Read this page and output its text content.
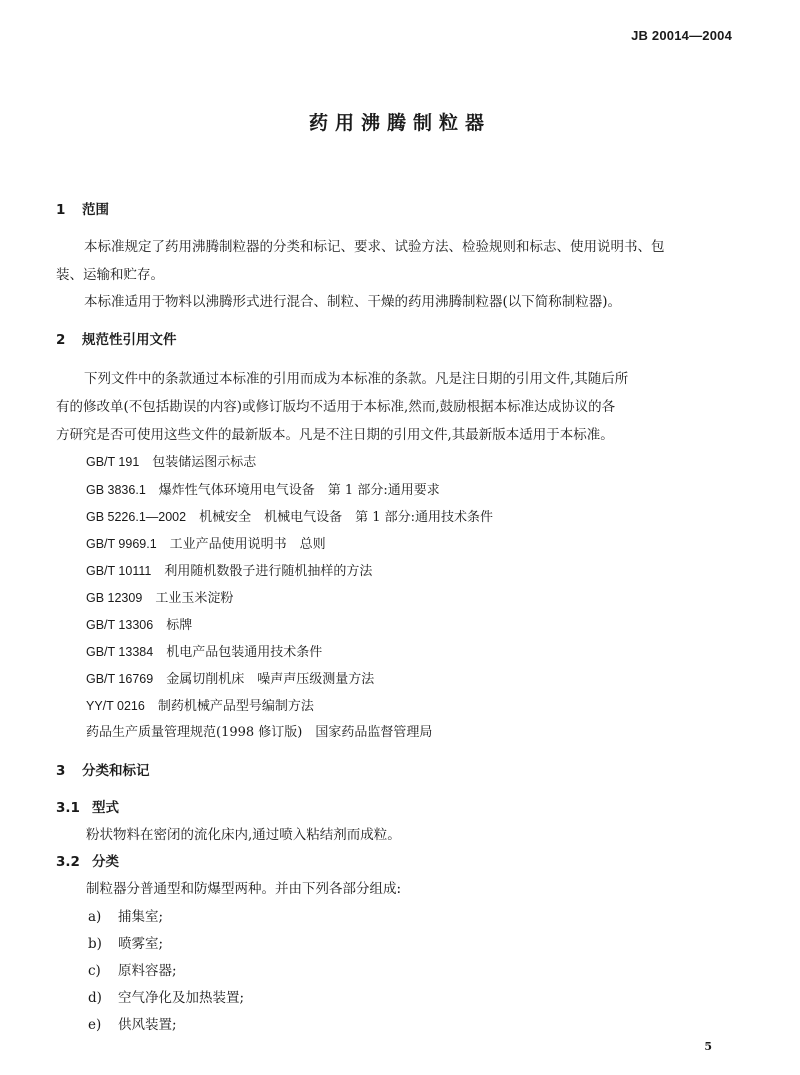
JB 20014—2004
药用沸腾制粒器
1 范围
本标准规定了药用沸腾制粒器的分类和标记、要求、试验方法、检验规则和标志、使用说明书、包
装、运输和贮存。
本标准适用于物料以沸腾形式进行混合、制粒、干燥的药用沸腾制粒器(以下简称制粒器)。
2 规范性引用文件
下列文件中的条款通过本标准的引用而成为本标准的条款。凡是注日期的引用文件,其随后所
有的修改单(不包括勘误的内容)或修订版均不适用于本标准,然而,鼓励根据本标准达成协议的各
方研究是否可使用这些文件的最新版本。凡是不注日期的引用文件,其最新版本适用于本标准。
GB/T 191　 包装储运图示标志
GB 3836.1　 爆炸性气体环境用电气设备　第 1 部分:通用要求
GB 5226.1—2002　 机械安全　机械电气设备　第 1 部分:通用技术条件
GB/T 9969.1　 工业产品使用说明书　总则
GB/T 10111　 利用随机数骰子进行随机抽样的方法
GB 12309　 工业玉米淀粉
GB/T 13306　 标牌
GB/T 13384　 机电产品包装通用技术条件
GB/T 16769　 金属切削机床　噪声声压级测量方法
YY/T 0216　 制药机械产品型号编制方法
药品生产质量管理规范(1998 修订版)　国家药品监督管理局
3 分类和标记
3.1 型式
粉状物料在密闭的流化床内,通过喷入粘结剂而成粒。
3.2 分类
制粒器分普通型和防爆型两种。并由下列各部分组成:
a) 捕集室;
b) 喷雾室;
c) 原料容器;
d) 空气净化及加热装置;
e) 供风装置;
5
